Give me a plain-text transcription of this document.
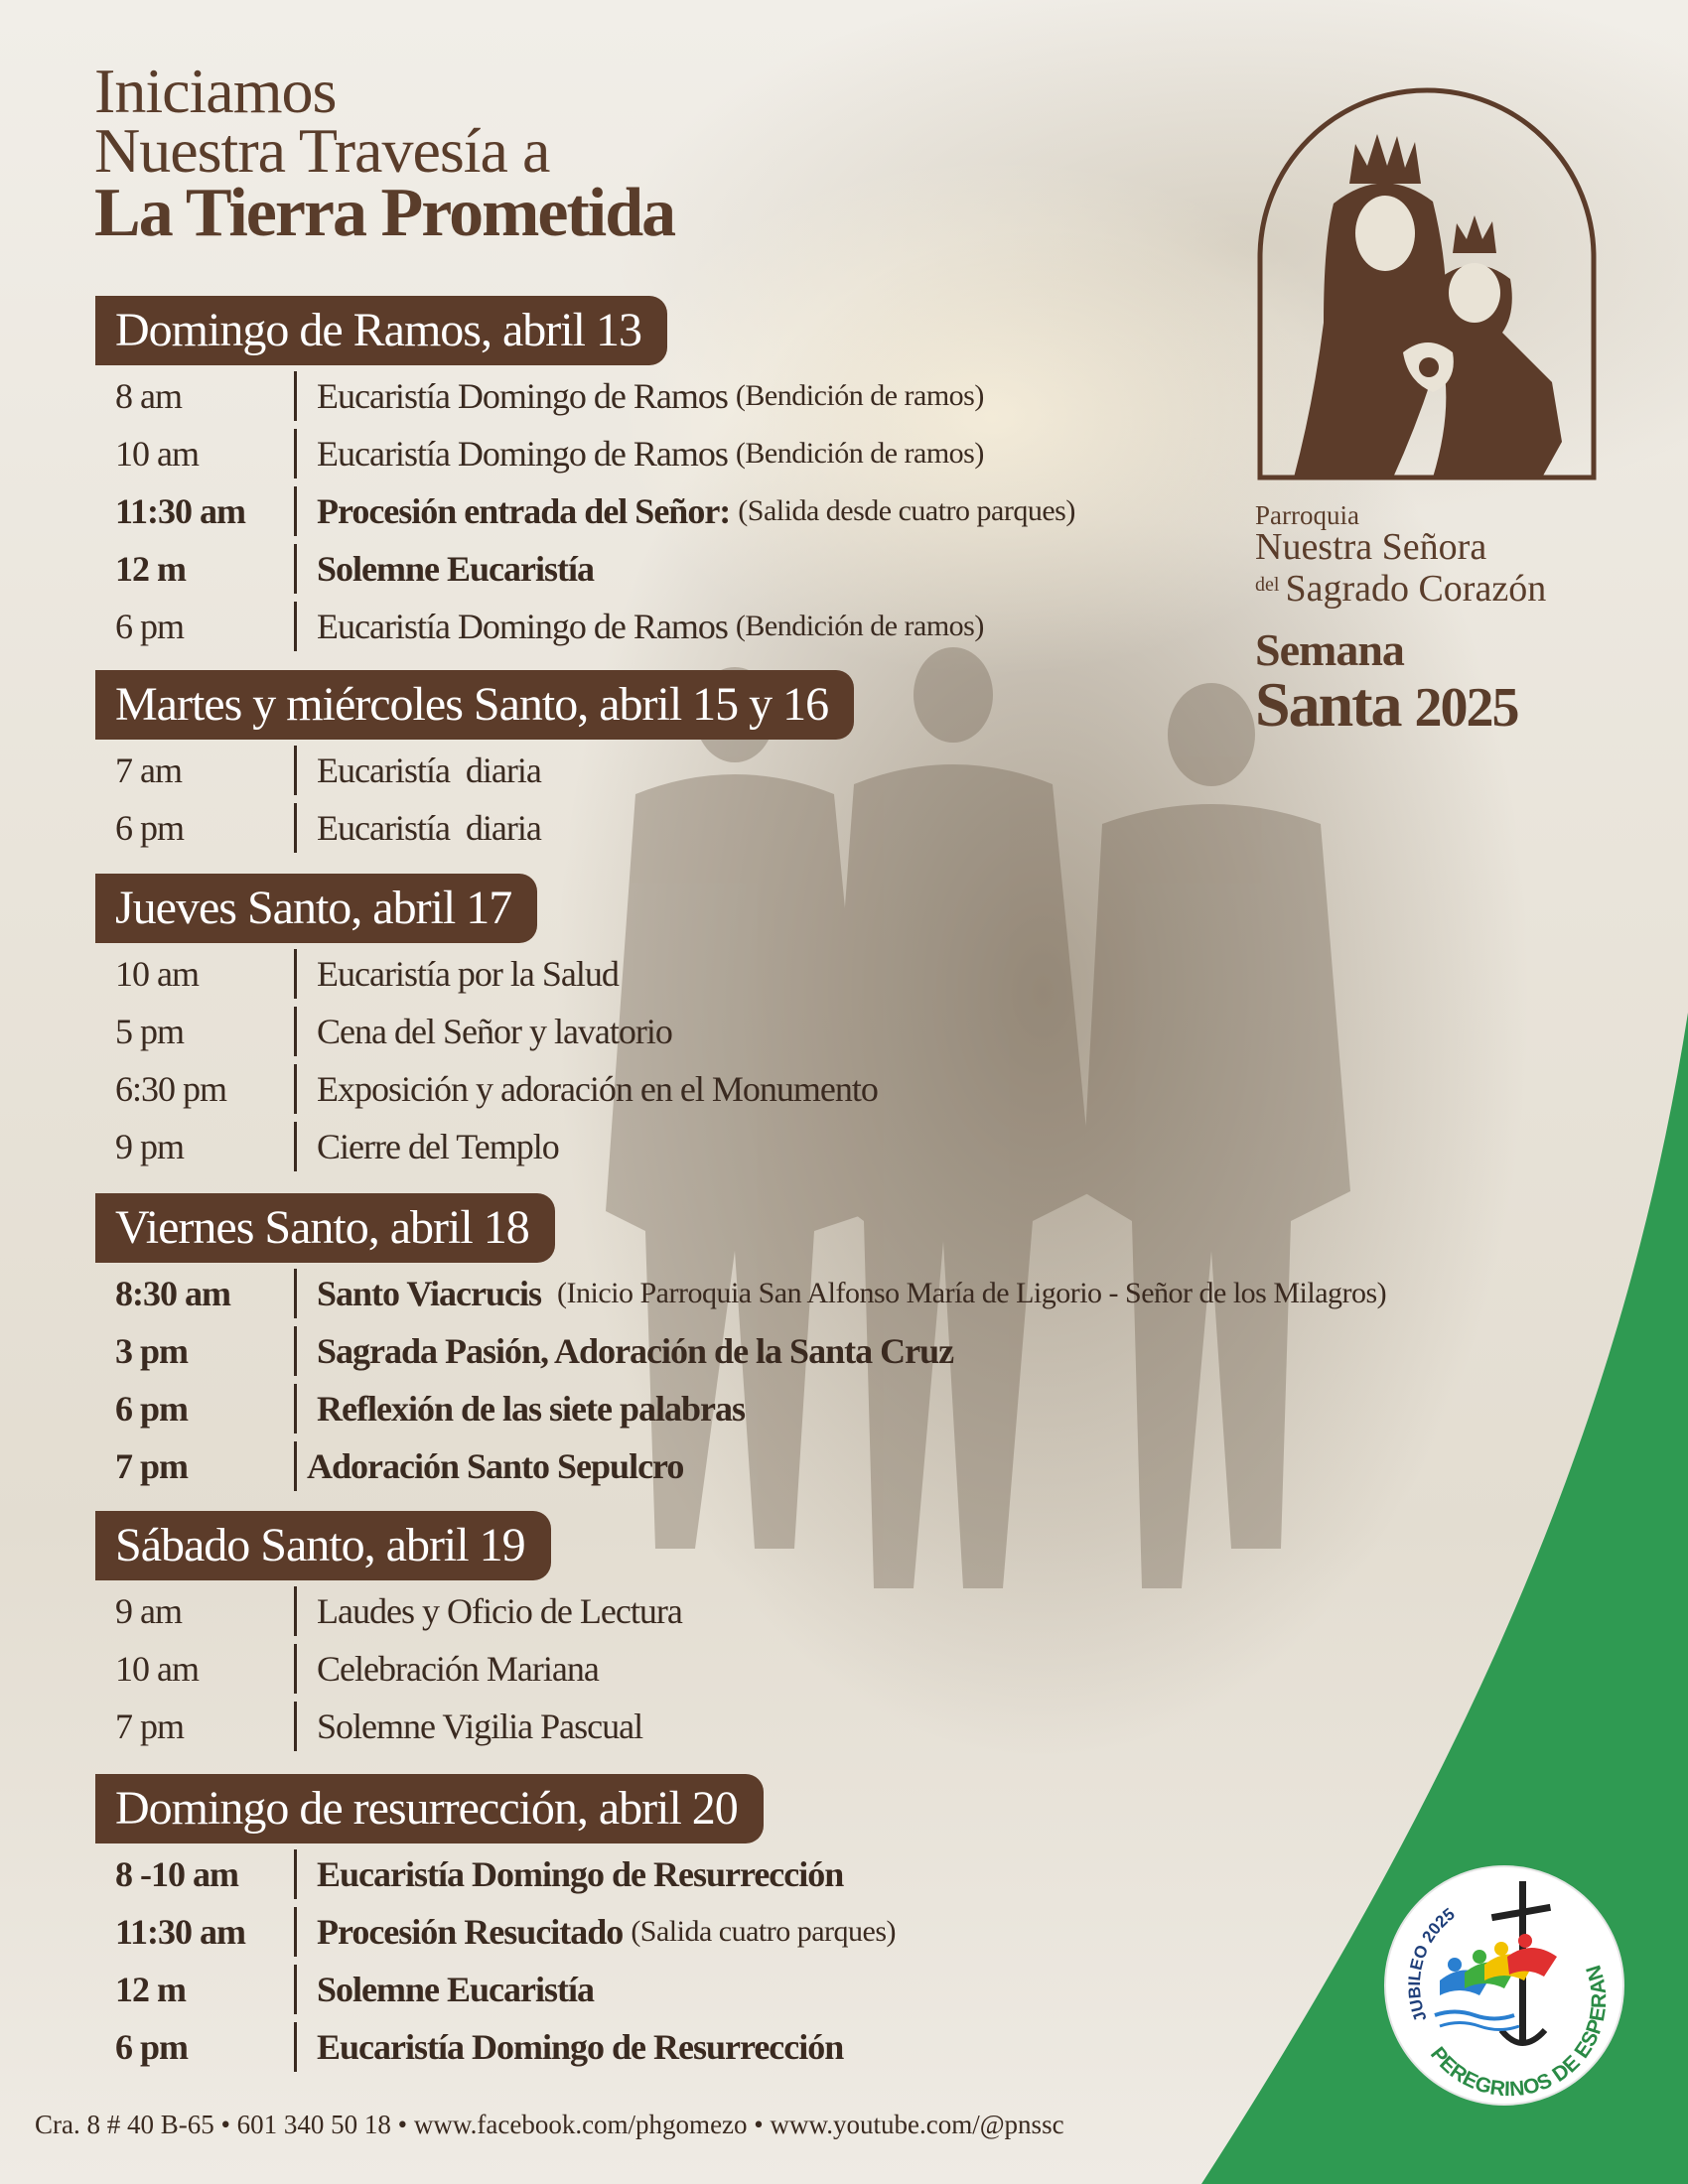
Iniciamos
Nuestra Travesía a
La Tierra Prometida
Parroquia
Nuestra Señora
$^{del}$ Sagrado Corazón
Semana
Santa 2025
Domingo de Ramos, abril 13
8 am	Eucaristía Domingo de Ramos (Bendición de ramos)
10 am	Eucaristía Domingo de Ramos (Bendición de ramos)
11:30 am	Procesión entrada del Señor: (Salida desde cuatro parques)
12 m	Solemne Eucaristía
6 pm	Eucaristía Domingo de Ramos (Bendición de ramos)
Martes y miércoles Santo, abril 15 y 16
7 am	Eucaristía  diaria
6 pm	Eucaristía  diaria
Jueves Santo, abril 17
10 am	Eucaristía por la Salud
5 pm	Cena del Señor y lavatorio
6:30 pm	Exposición y adoración en el Monumento
9 pm	Cierre del Templo
Viernes Santo, abril 18
8:30 am	Santo Viacrucis (Inicio Parroquia San Alfonso María de Ligorio - Señor de los Milagros)
3 pm	Sagrada Pasión, Adoración de la Santa Cruz
6 pm	Reflexión de las siete palabras
7 pm	Adoración Santo Sepulcro
Sábado Santo, abril 19
9 am	Laudes y Oficio de Lectura
10 am	Celebración Mariana
7 pm	Solemne Vigilia Pascual
Domingo de resurrección, abril 20
8 -10 am	Eucaristía Domingo de Resurrección
11:30 am	Procesión Resucitado (Salida cuatro parques)
12 m	Solemne Eucaristía
6 pm	Eucaristía Domingo de Resurrección
JUBILEO 2025
PEREGRINOS DE ESPERANZA
Cra. 8 # 40 B-65 • 601 340 50 18 • www.facebook.com/phgomezo • www.youtube.com/@pnssc
